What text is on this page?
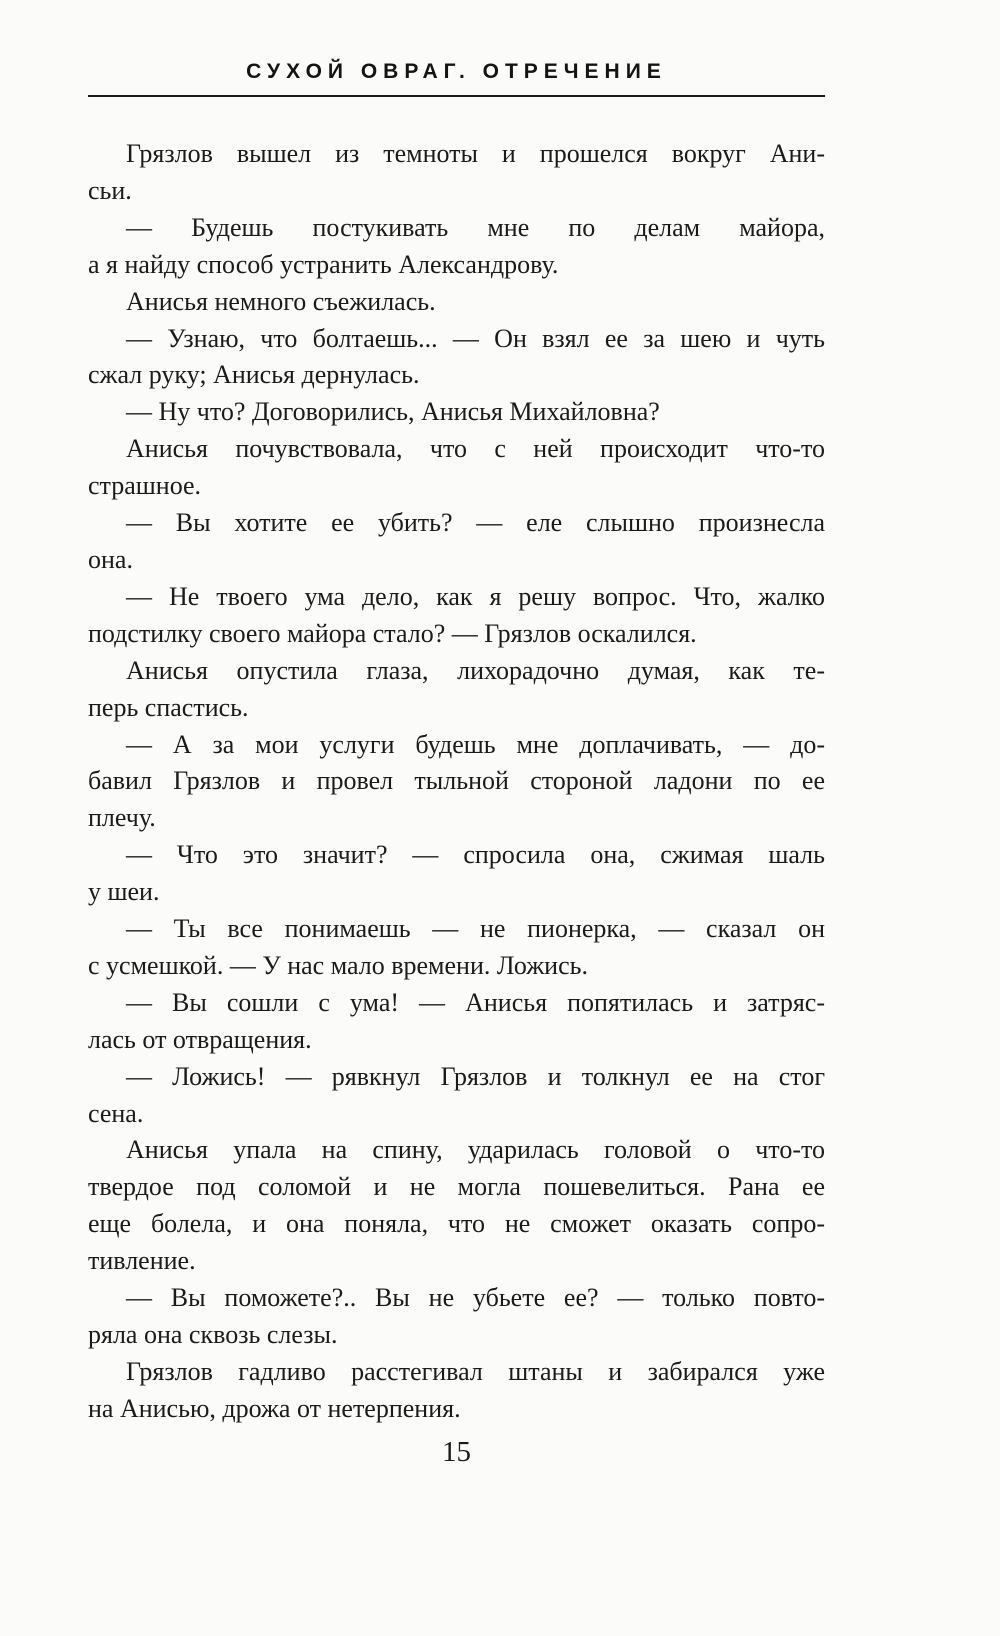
СУХОЙ ОВРАГ. ОТРЕЧЕНИЕ
Грязлов вышел из темноты и прошелся вокруг Ани-
сьи.
— Будешь постукивать мне по делам майора,
а я найду способ устранить Александрову.
Анисья немного съежилась.
— Узнаю, что болтаешь... — Он взял ее за шею и чуть
сжал руку; Анисья дернулась.
— Ну что? Договорились, Анисья Михайловна?
Анисья почувствовала, что с ней происходит что-то
страшное.
— Вы хотите ее убить? — еле слышно произнесла
она.
— Не твоего ума дело, как я решу вопрос. Что, жалко
подстилку своего майора стало? — Грязлов оскалился.
Анисья опустила глаза, лихорадочно думая, как те-
перь спастись.
— А за мои услуги будешь мне доплачивать, — до-
бавил Грязлов и провел тыльной стороной ладони по ее
плечу.
— Что это значит? — спросила она, сжимая шаль
у шеи.
— Ты все понимаешь — не пионерка, — сказал он
с усмешкой. — У нас мало времени. Ложись.
— Вы сошли с ума! — Анисья попятилась и затряс-
лась от отвращения.
— Ложись! — рявкнул Грязлов и толкнул ее на стог
сена.
Анисья упала на спину, ударилась головой о что-то
твердое под соломой и не могла пошевелиться. Рана ее
еще болела, и она поняла, что не сможет оказать сопро-
тивление.
— Вы поможете?.. Вы не убьете ее? — только повто-
ряла она сквозь слезы.
Грязлов гадливо расстегивал штаны и забирался уже
на Анисью, дрожа от нетерпения.
15
